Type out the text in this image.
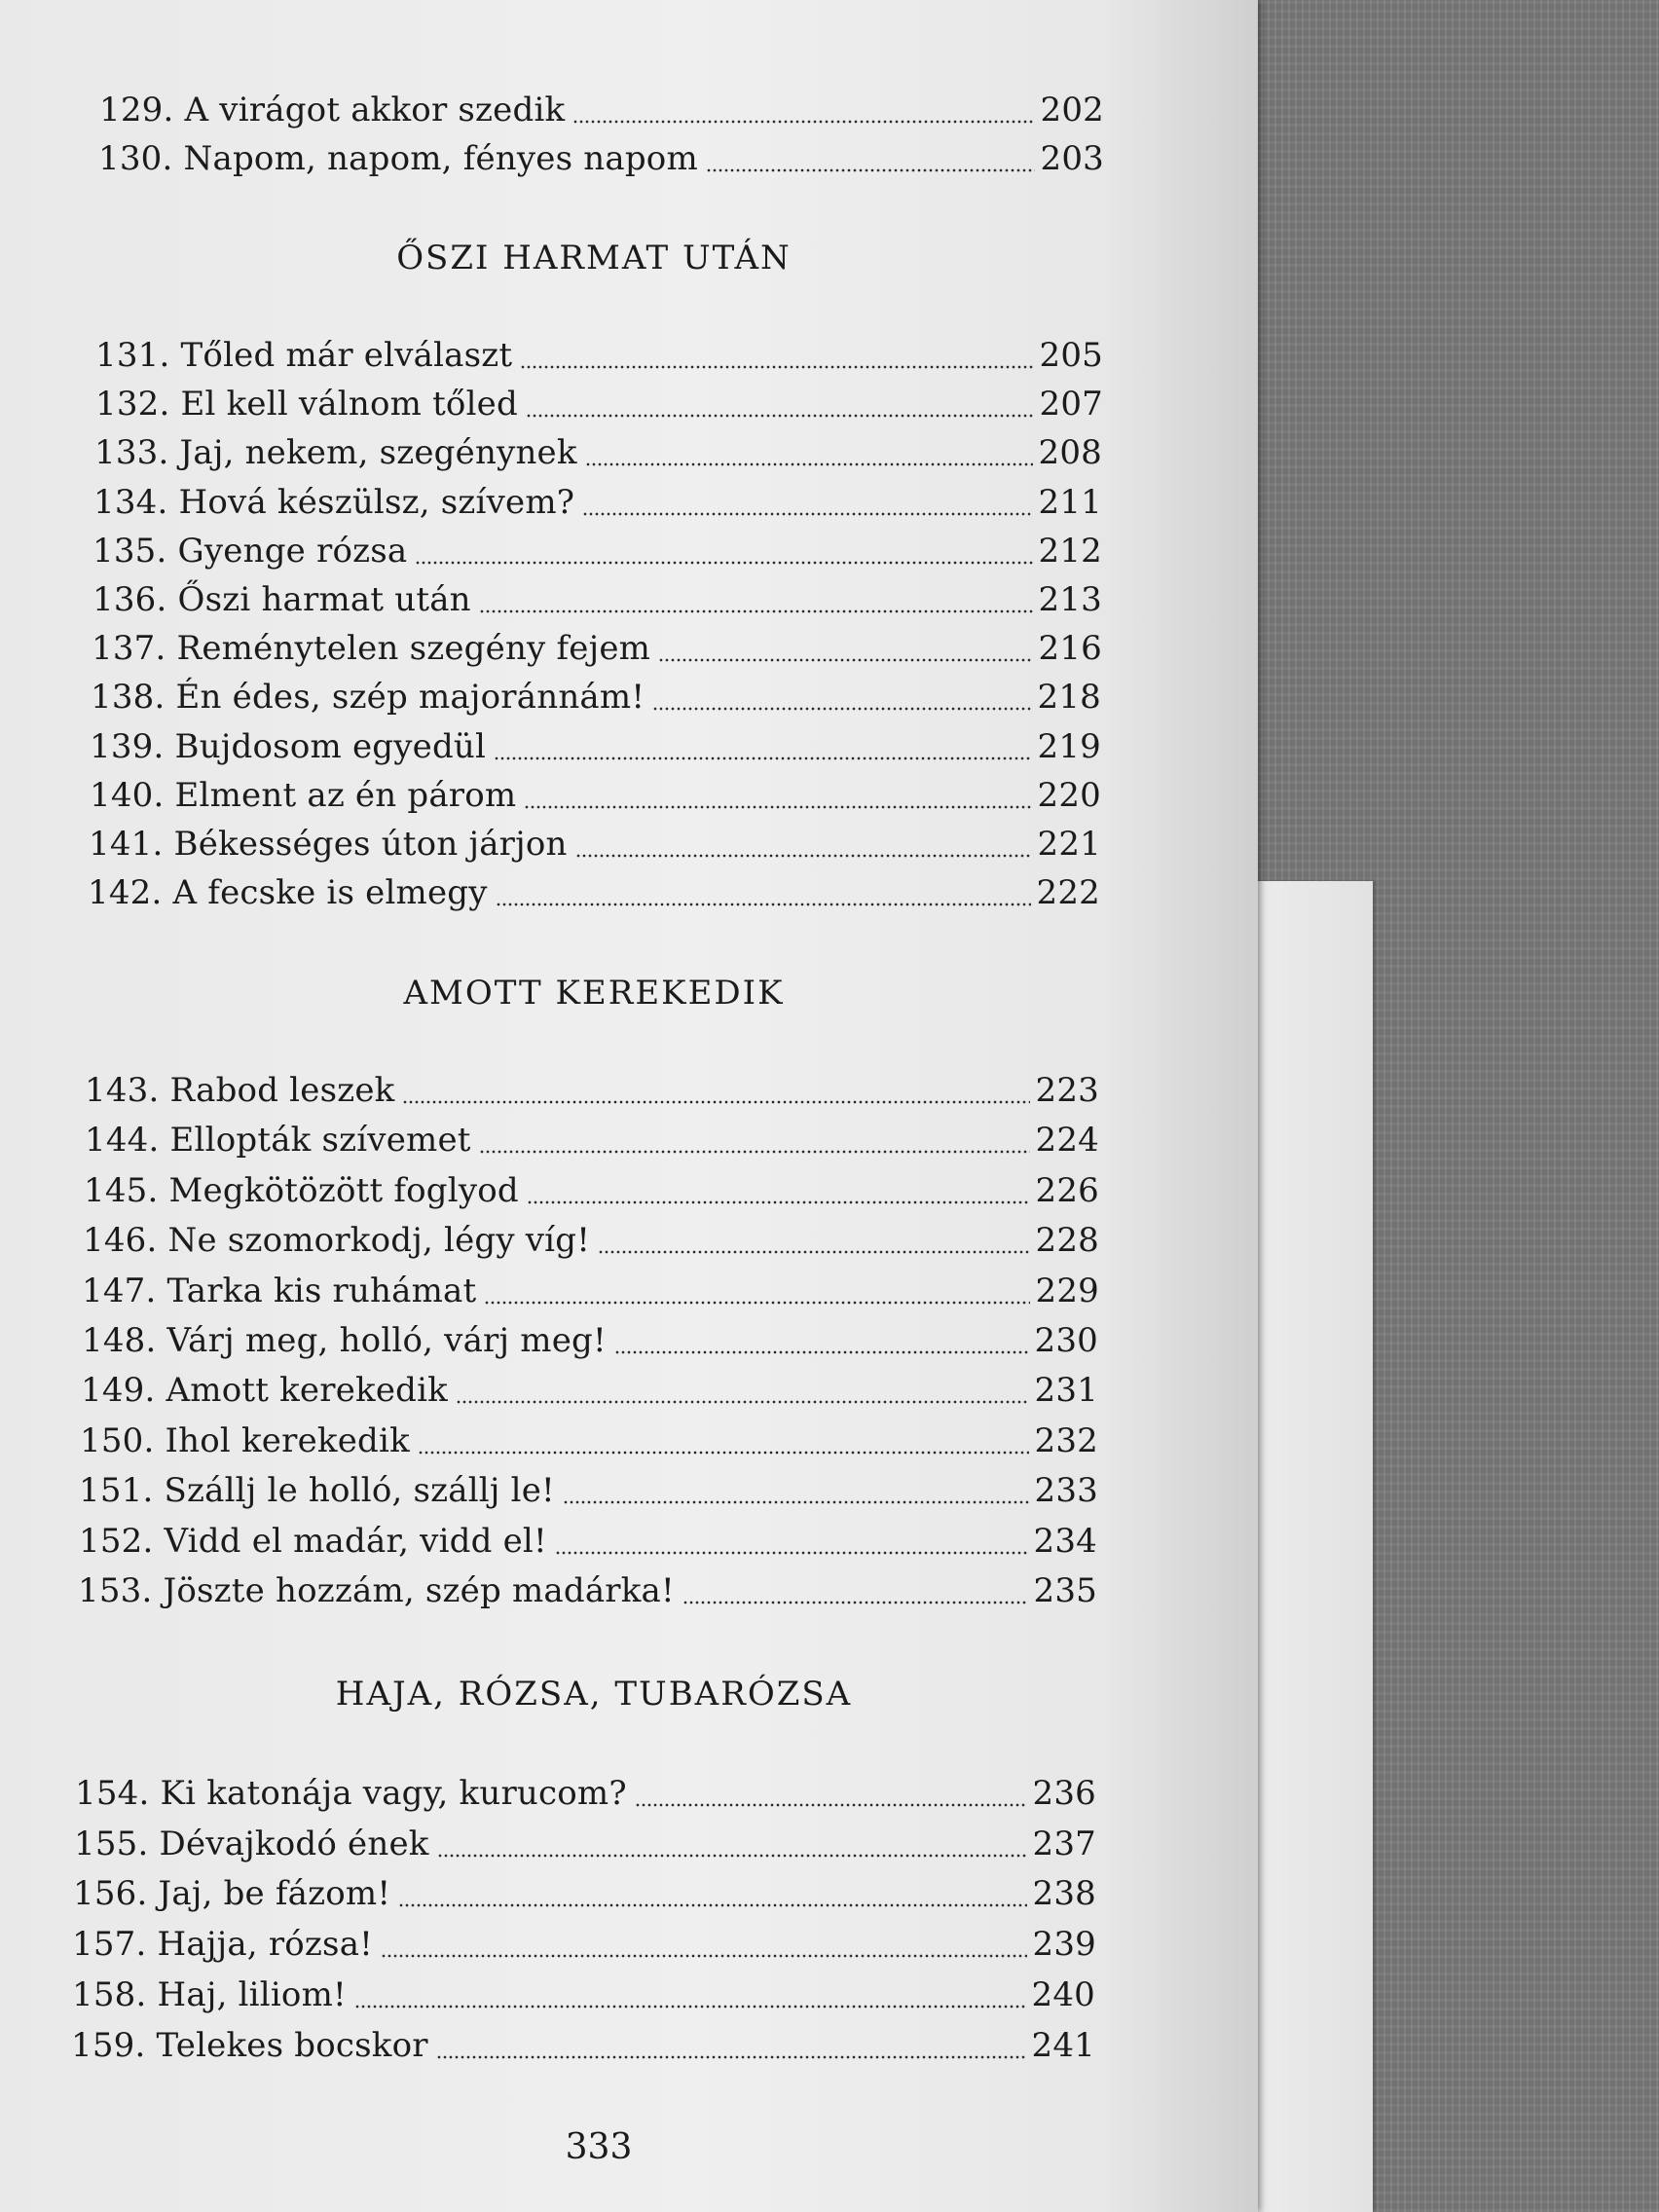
129. A virágot akkor szedik	202
130. Napom, napom, fényes napom	203
ŐSZI HARMAT UTÁN
131. Tőled már elválaszt	205
132. El kell válnom tőled	207
133. Jaj, nekem, szegénynek	208
134. Hová készülsz, szívem?	211
135. Gyenge rózsa	212
136. Őszi harmat után	213
137. Reménytelen szegény fejem	216
138. Én édes, szép majoránnám!	218
139. Bujdosom egyedül	219
140. Elment az én párom	220
141. Békességes úton járjon	221
142. A fecske is elmegy	222
AMOTT KEREKEDIK
143. Rabod leszek	223
144. Ellopták szívemet	224
145. Megkötözött foglyod	226
146. Ne szomorkodj, légy víg!	228
147. Tarka kis ruhámat	229
148. Várj meg, holló, várj meg!	230
149. Amott kerekedik	231
150. Ihol kerekedik	232
151. Szállj le holló, szállj le!	233
152. Vidd el madár, vidd el!	234
153. Jöszte hozzám, szép madárka!	235
HAJA, RÓZSA, TUBARÓZSA
154. Ki katonája vagy, kurucom?	236
155. Dévajkodó ének	237
156. Jaj, be fázom!	238
157. Hajja, rózsa!	239
158. Haj, liliom!	240
159. Telekes bocskor	241
333
